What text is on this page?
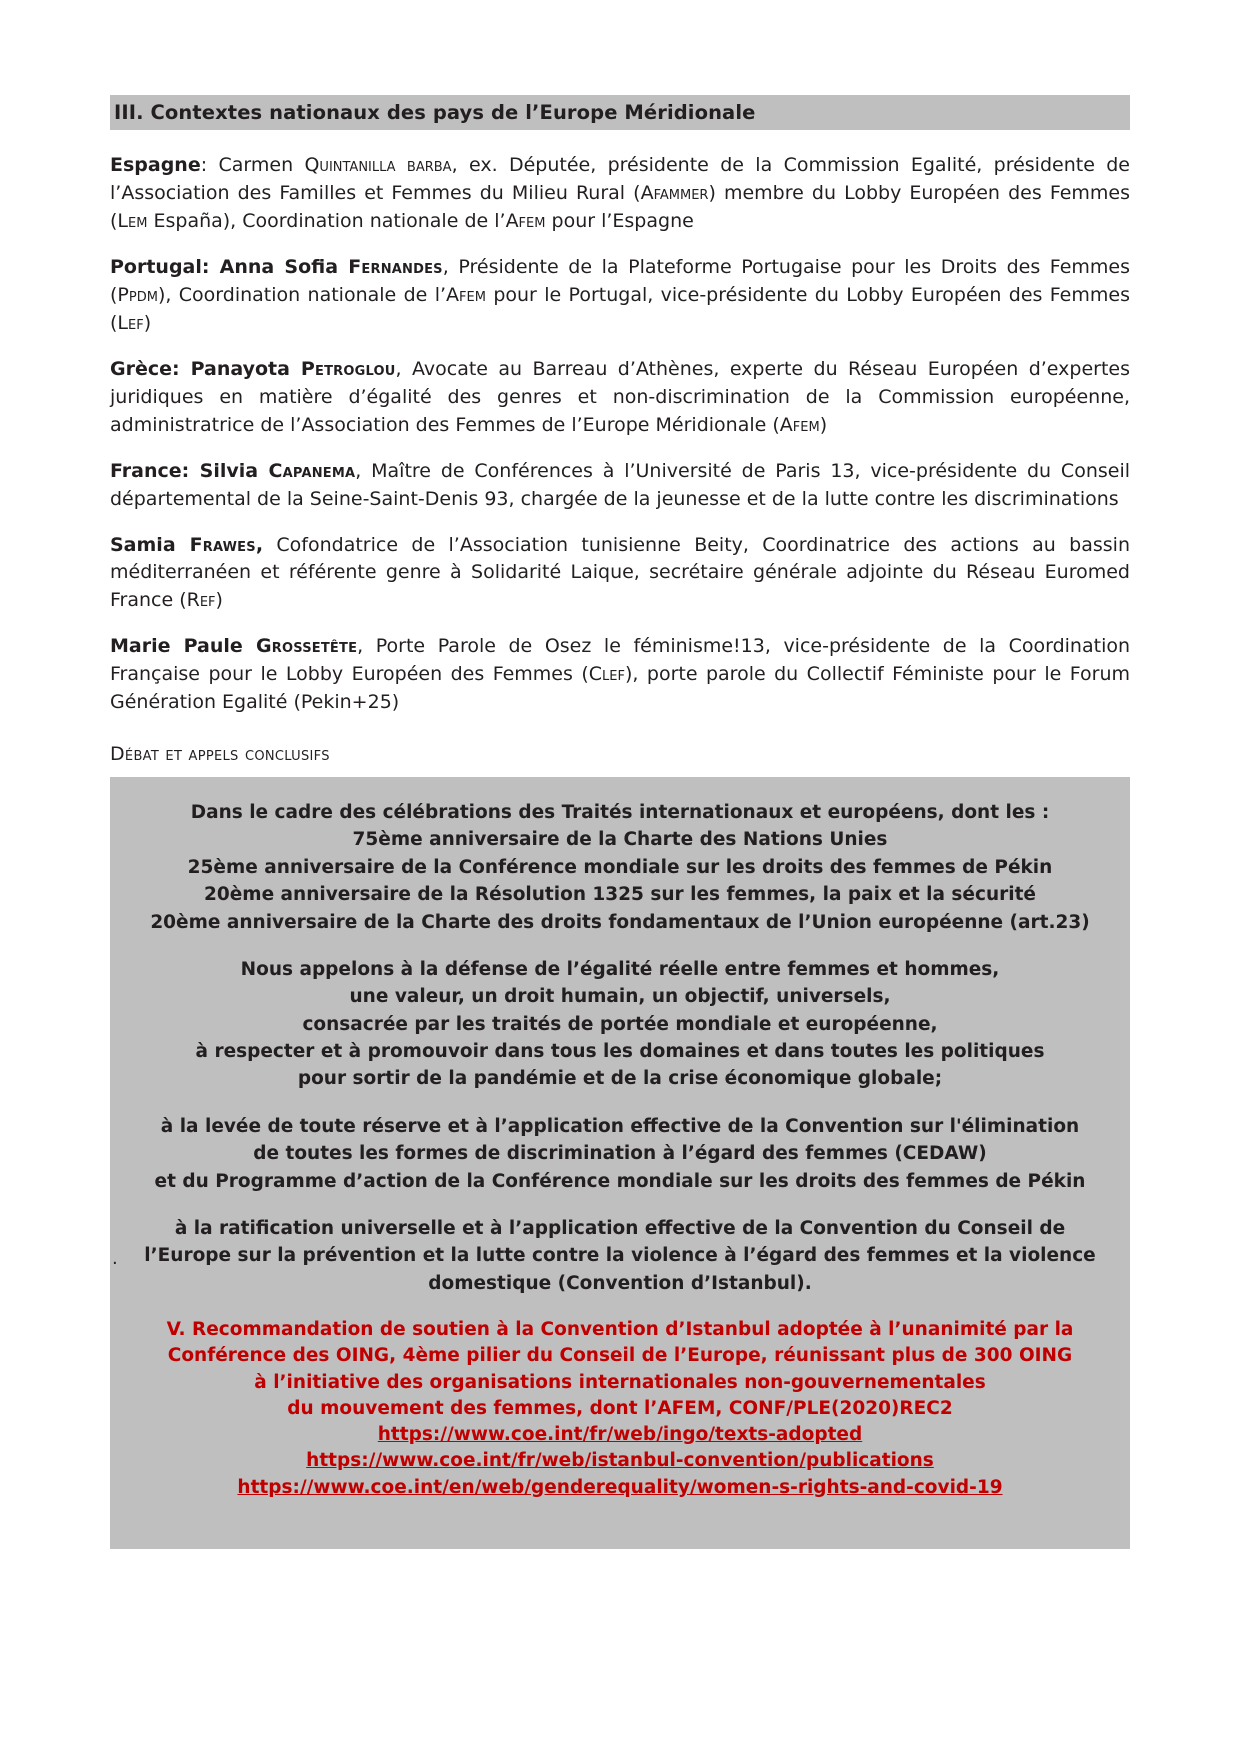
III. Contextes nationaux des pays de l’Europe Méridionale

Espagne: Carmen Quintanilla barba, ex. Députée, présidente de la Commission Egalité, présidente de l’Association des Familles et Femmes du Milieu Rural (Afammer) membre du Lobby Européen des Femmes (Lem España), Coordination nationale de l’Afem pour l’Espagne

Portugal: Anna Sofia Fernandes, Présidente de la Plateforme Portugaise pour les Droits des Femmes (Ppdm), Coordination nationale de l’Afem pour le Portugal, vice-présidente du Lobby Européen des Femmes (Lef)

Grèce: Panayota Petroglou, Avocate au Barreau d’Athènes, experte du Réseau Européen d’expertes juridiques en matière d’égalité des genres et non-discrimination de la Commission européenne, administratrice de l’Association des Femmes de l’Europe Méridionale (Afem)

France: Silvia Capanema, Maître de Conférences à l’Université de Paris 13, vice-présidente du Conseil départemental de la Seine-Saint-Denis 93, chargée de la jeunesse et de la lutte contre les discriminations

Samia Frawes, Cofondatrice de l’Association tunisienne Beity, Coordinatrice des actions au bassin méditerranéen et référente genre à Solidarité Laique, secrétaire générale adjointe du Réseau Euromed France (Ref)

Marie Paule Grossetête, Porte Parole de Osez le féminisme!13, vice-présidente de la Coordination Française pour le Lobby Européen des Femmes (Clef), porte parole du Collectif Féministe pour le Forum Génération Egalité (Pekin+25)

Débat et appels conclusifs
Dans le cadre des célébrations des Traités internationaux et européens, dont les :
75ème anniversaire de la Charte des Nations Unies
25ème anniversaire de la Conférence mondiale sur les droits des femmes de Pékin
20ème anniversaire de la Résolution 1325 sur les femmes, la paix et la sécurité
20ème anniversaire de la Charte des droits fondamentaux de l’Union européenne (art.23)
Nous appelons à la défense de l’égalité réelle entre femmes et hommes,
une valeur, un droit humain, un objectif, universels,
consacrée par les traités de portée mondiale et européenne,
à respecter et à promouvoir dans tous les domaines et dans toutes les politiques
pour sortir de la pandémie et de la crise économique globale;
à la levée de toute réserve et à l’application effective de la Convention sur l'élimination
de toutes les formes de discrimination à l’égard des femmes (CEDAW)
et du Programme d’action de la Conférence mondiale sur les droits des femmes de Pékin
à la ratification universelle et à l’application effective de la Convention du Conseil de
l’Europe sur la prévention et la lutte contre la violence à l’égard des femmes et la violence
domestique (Convention d’Istanbul).
V. Recommandation de soutien à la Convention d’Istanbul adoptée à l’unanimité par la
Conférence des OING, 4ème pilier du Conseil de l’Europe, réunissant plus de 300 OING
à l’initiative des organisations internationales non-gouvernementales
du mouvement des femmes, dont l’AFEM, CONF/PLE(2020)REC2
https://www.coe.int/fr/web/ingo/texts-adopted
https://www.coe.int/fr/web/istanbul-convention/publications
https://www.coe.int/en/web/genderequality/women-s-rights-and-covid-19
.
